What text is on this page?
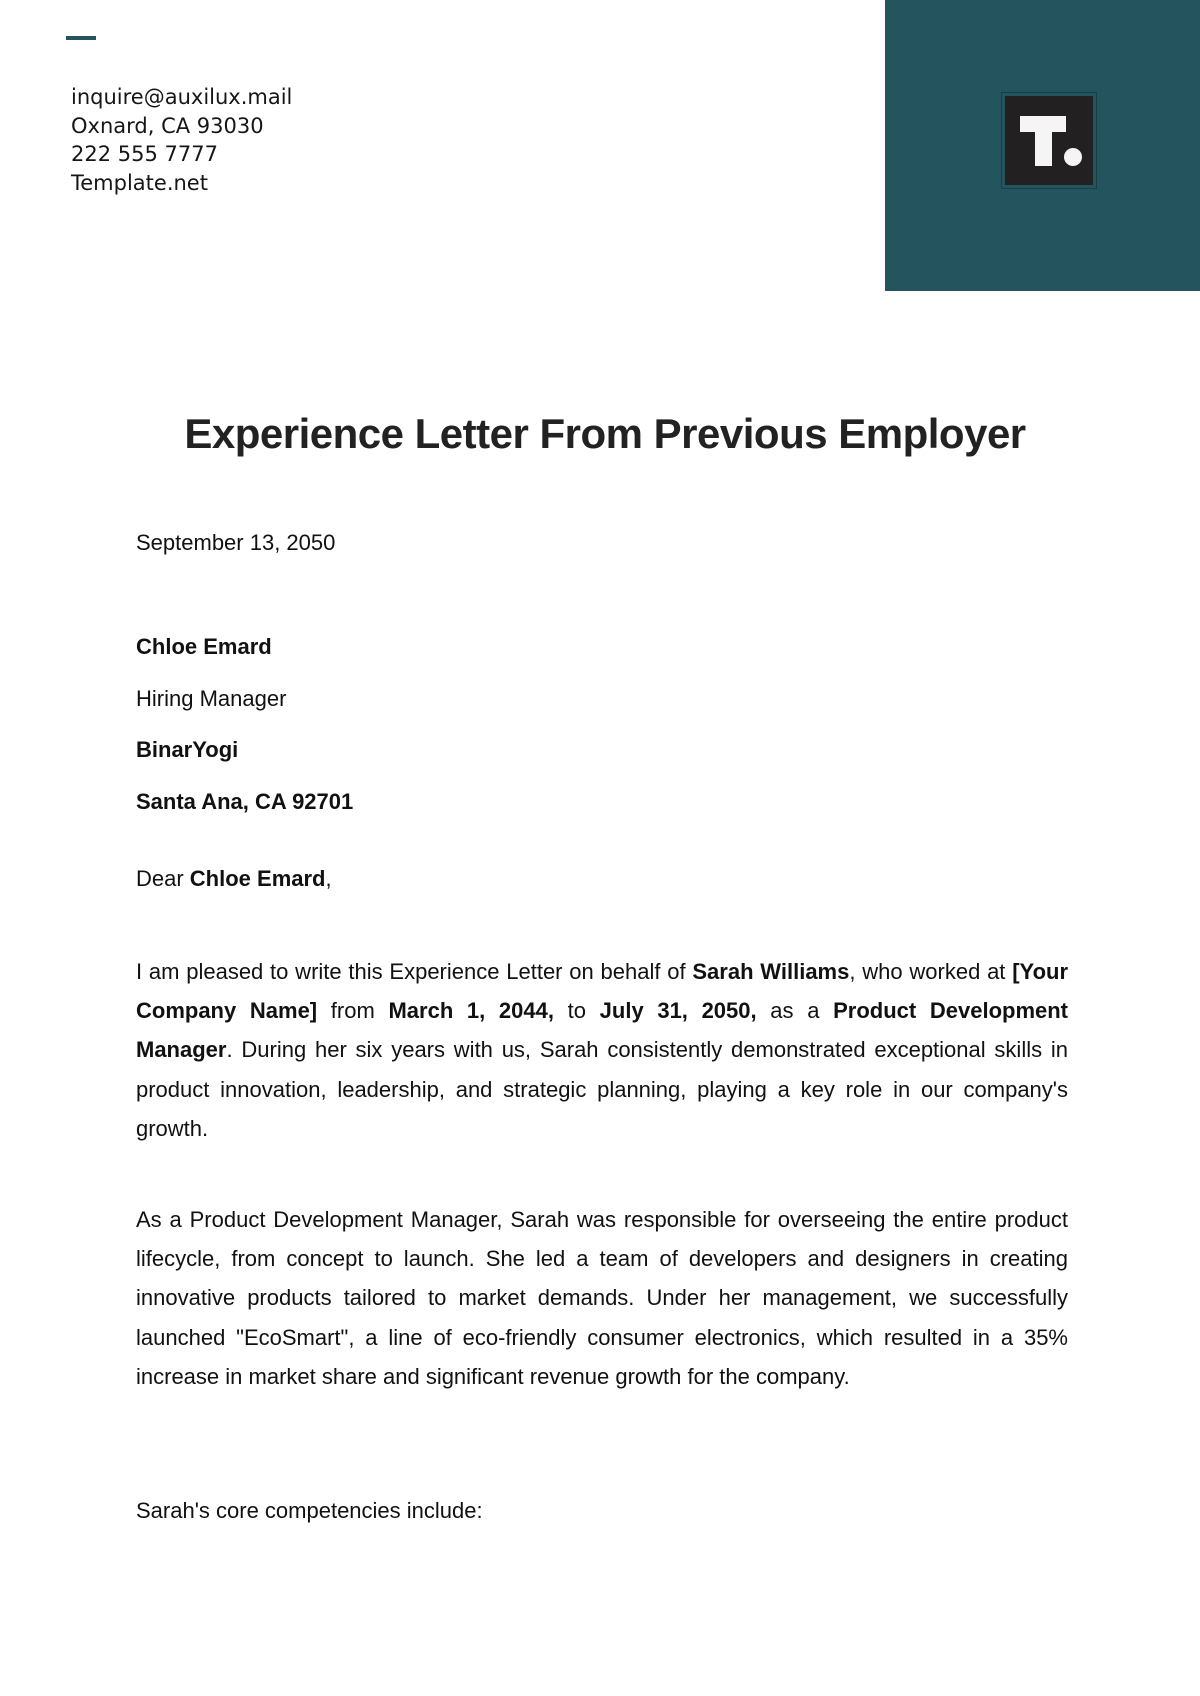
inquire@auxilux.mail
Oxnard, CA 93030
222 555 7777
Template.net
Experience Letter From Previous Employer
September 13, 2050
Chloe Emard
Hiring Manager
BinarYogi
Santa Ana, CA 92701
Dear Chloe Emard,

I am pleased to write this Experience Letter on behalf of Sarah Williams, who worked at [Your Company Name] from March 1, 2044, to July 31, 2050, as a Product Development Manager. During her six years with us, Sarah consistently demonstrated exceptional skills in product innovation, leadership, and strategic planning, playing a key role in our company's growth.

As a Product Development Manager, Sarah was responsible for overseeing the entire product lifecycle, from concept to launch. She led a team of developers and designers in creating innovative products tailored to market demands. Under her management, we successfully launched "EcoSmart", a line of eco-friendly consumer electronics, which resulted in a 35% increase in market share and significant revenue growth for the company.

Sarah's core competencies include:
